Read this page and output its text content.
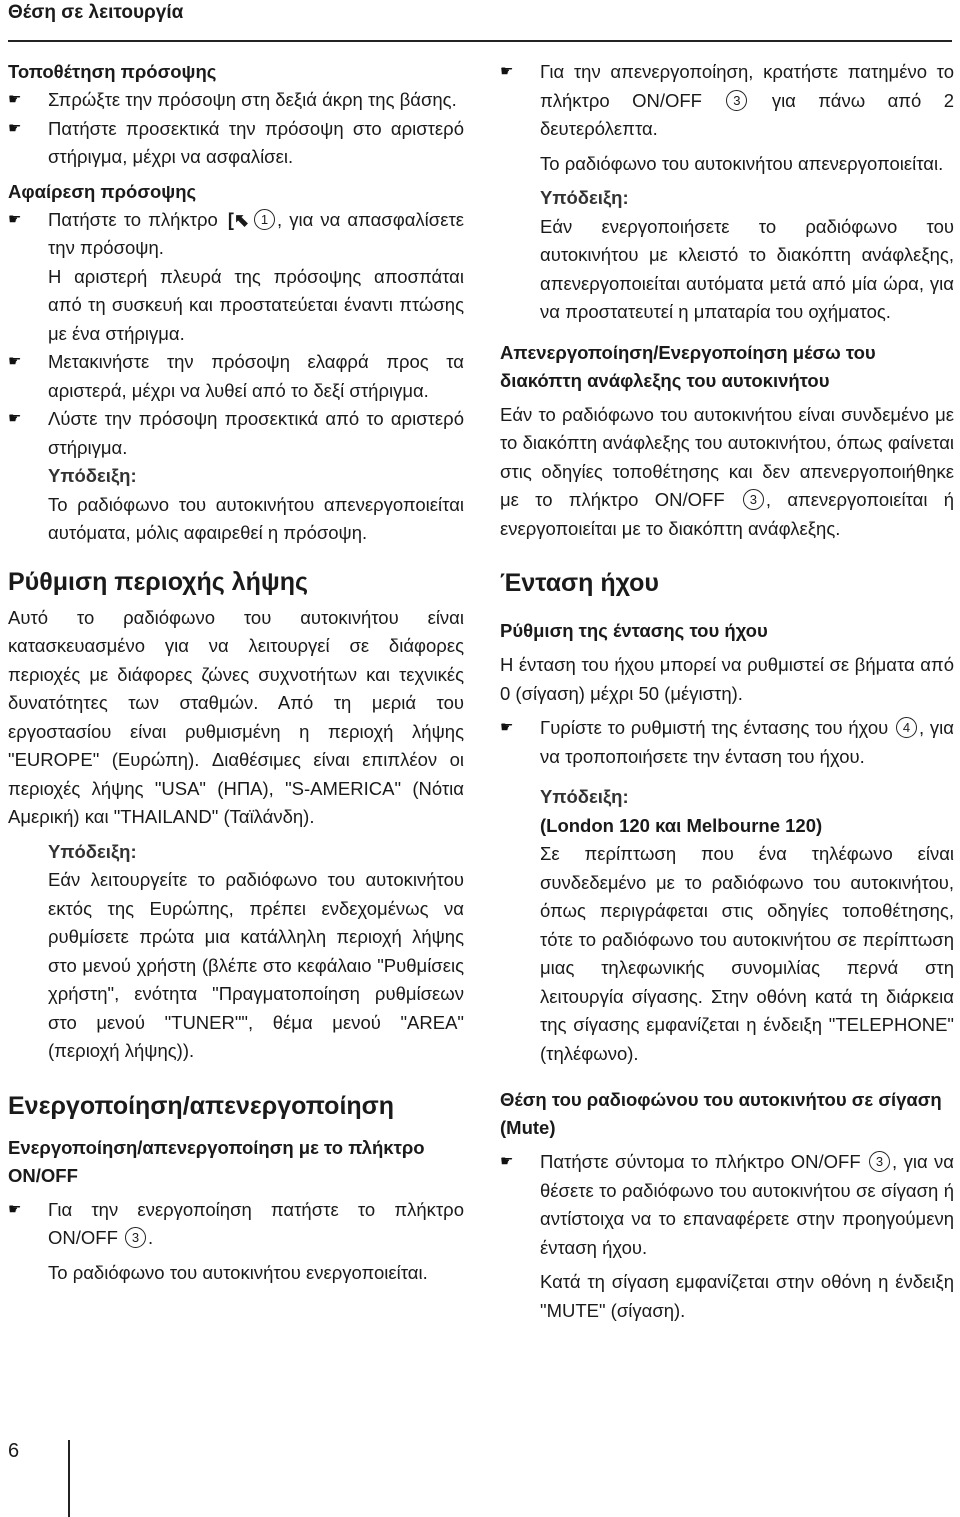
Θέση σε λειτουργία
Τοποθέτηση πρόσοψης
☛	Σπρώξτε την πρόσοψη στη δεξιά άκρη της βάσης.
☛	Πατήστε προσεκτικά την πρόσοψη στο αριστερό στήριγμα, μέχρι να ασφαλίσει.
Αφαίρεση πρόσοψης
☛	Πατήστε το πλήκτρο [⬉ 1 , για να απασφαλίσετε την πρόσοψη.

Η αριστερή πλευρά της πρόσοψης αποσπάται από τη συσκευή και προστατεύεται έναντι πτώσης με ένα στήριγμα.

☛	Μετακινήστε την πρόσοψη ελαφρά προς τα αριστερά, μέχρι να λυθεί από το δεξί στήριγμα.
☛	Λύστε την πρόσοψη προσεκτικά από το αριστερό στήριγμα.
Υπόδειξη:

Το ραδιόφωνο του αυτοκινήτου απενεργοποιείται αυτόματα, μόλις αφαιρεθεί η πρόσοψη.

Ρύθμιση περιοχής λήψης

Αυτό το ραδιόφωνο του αυτοκινήτου είναι κατασκευασμένο για να λειτουργεί σε διάφορες περιοχές με διάφορες ζώνες συχνοτήτων και τεχνικές δυνατότητες των σταθμών. Από τη μεριά του εργοστασίου είναι ρυθμισμένη η περιοχή λήψης "EUROPE" (Ευρώπη). Διαθέσιμες είναι επιπλέον οι περιοχές λήψης "USA" (ΗΠΑ), "S-AMERICA" (Νότια Αμερική) και "THAILAND" (Ταϊλάνδη).

Υπόδειξη:

Εάν λειτουργείτε το ραδιόφωνο του αυτοκινήτου εκτός της Ευρώπης, πρέπει ενδεχομένως να ρυθμίσετε πρώτα μια κατάλληλη περιοχή λήψης στο μενού χρήστη (βλέπε στο κεφάλαιο "Ρυθμίσεις χρήστη", ενότητα "Πραγματοποίηση ρυθμίσεων στο μενού "TUNER"", θέμα μενού "AREA" (περιοχή λήψης)).

Ενεργοποίηση/απενεργοποίηση
Ενεργοποίηση/απενεργοποίηση με το πλήκτρο ON/OFF
☛	Για την ενεργοποίηση πατήστε το πλήκτρο ON/OFF 3 .

Το ραδιόφωνο του αυτοκινήτου ενεργοποιείται.

☛	Για την απενεργοποίηση, κρατήστε πατημένο το πλήκτρο ON/OFF 3 για πάνω από 2 δευτερόλεπτα.

Το ραδιόφωνο του αυτοκινήτου απενεργοποιείται.

Υπόδειξη:

Εάν ενεργοποιήσετε το ραδιόφωνο του αυτοκινήτου με κλειστό το διακόπτη ανάφλεξης, απενεργοποιείται αυτόματα μετά από μία ώρα, για να προστατευτεί η μπαταρία του οχήματος.

Απενεργοποίηση/Ενεργοποίηση μέσω του διακόπτη ανάφλεξης του αυτοκινήτου

Εάν το ραδιόφωνο του αυτοκινήτου είναι συνδεμένο με το διακόπτη ανάφλεξης του αυτοκινήτου, όπως φαίνεται στις οδηγίες τοποθέτησης και δεν απενεργοποιήθηκε με το πλήκτρο ON/OFF 3 , απενεργοποιείται ή ενεργοποιείται με το διακόπτη ανάφλεξης.

Ένταση ήχου
Ρύθμιση της έντασης του ήχου

Η ένταση του ήχου μπορεί να ρυθμιστεί σε βήματα από 0 (σίγαση) μέχρι 50 (μέγιστη).

☛	Γυρίστε το ρυθμιστή της έντασης του ήχου 4 , για να τροποποιήσετε την ένταση του ήχου.
Υπόδειξη:
(London 120 και Melbourne 120)

Σε περίπτωση που ένα τηλέφωνο είναι συνδεδεμένο με το ραδιόφωνο του αυτοκινήτου, όπως περιγράφεται στις οδηγίες τοποθέτησης, τότε το ραδιόφωνο του αυτοκινήτου σε περίπτωση μιας τηλεφωνικής συνομιλίας περνά στη λειτουργία σίγασης. Στην οθόνη κατά τη διάρκεια της σίγασης εμφανίζεται η ένδειξη "TELEPHONE" (τηλέφωνο).

Θέση του ραδιοφώνου του αυτοκινήτου σε σίγαση (Mute)
☛	Πατήστε σύντομα το πλήκτρο ON/OFF 3 , για να θέσετε το ραδιόφωνο του αυτοκινήτου σε σίγαση ή αντίστοιχα να το επαναφέρετε στην προηγούμενη ένταση ήχου.

Κατά τη σίγαση εμφανίζεται στην οθόνη η ένδειξη "MUTE" (σίγαση).

6
